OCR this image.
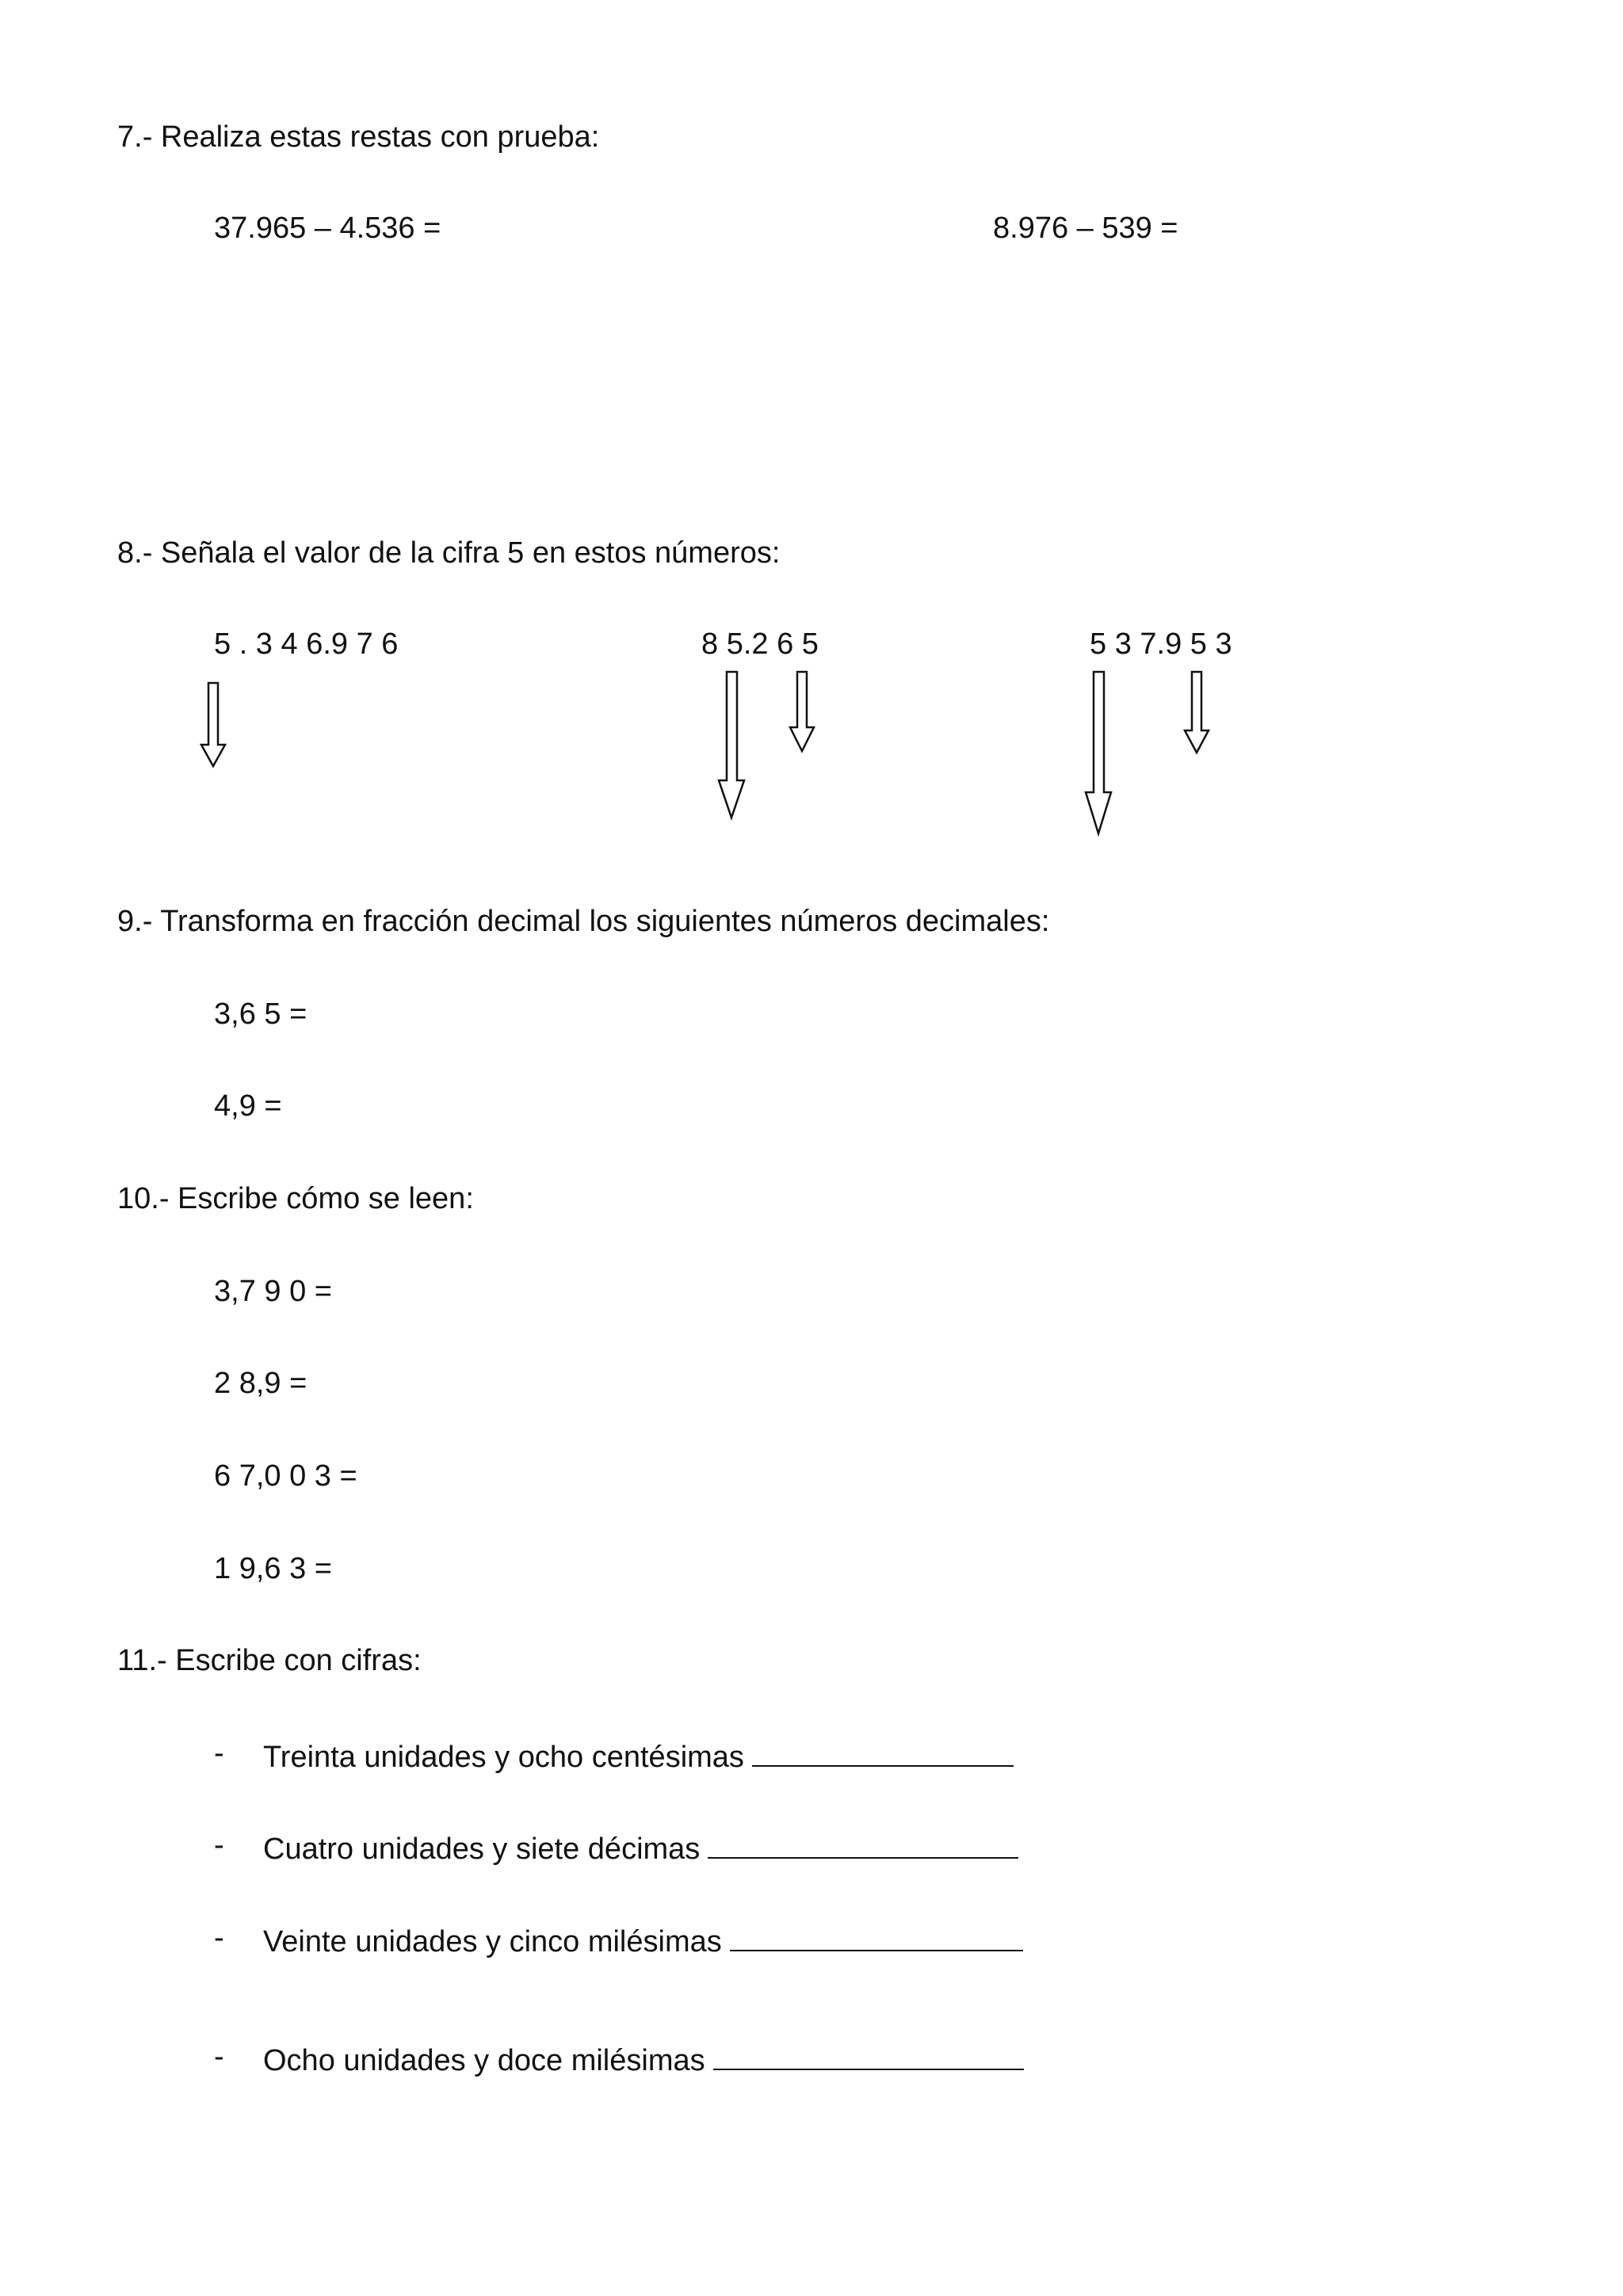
7.- Realiza estas restas con prueba:
37.965 – 4.536 =	8.976 – 539 =
8.- Señala el valor de la cifra 5 en estos números:
5 . 3 4 6.9 7 6	8 5.2 6 5	5 3 7.9 5 3
9.- Transforma en fracción decimal los siguientes números decimales:
3,6 5 =
4,9 =
10.- Escribe cómo se leen:
3,7 9 0 =
2 8,9 =
6 7,0 0 3 =
1 9,6 3 =
11.- Escribe con cifras:
- Treinta unidades y ocho centésimas
- Cuatro unidades y siete décimas
- Veinte unidades y cinco milésimas
- Ocho unidades y doce milésimas
